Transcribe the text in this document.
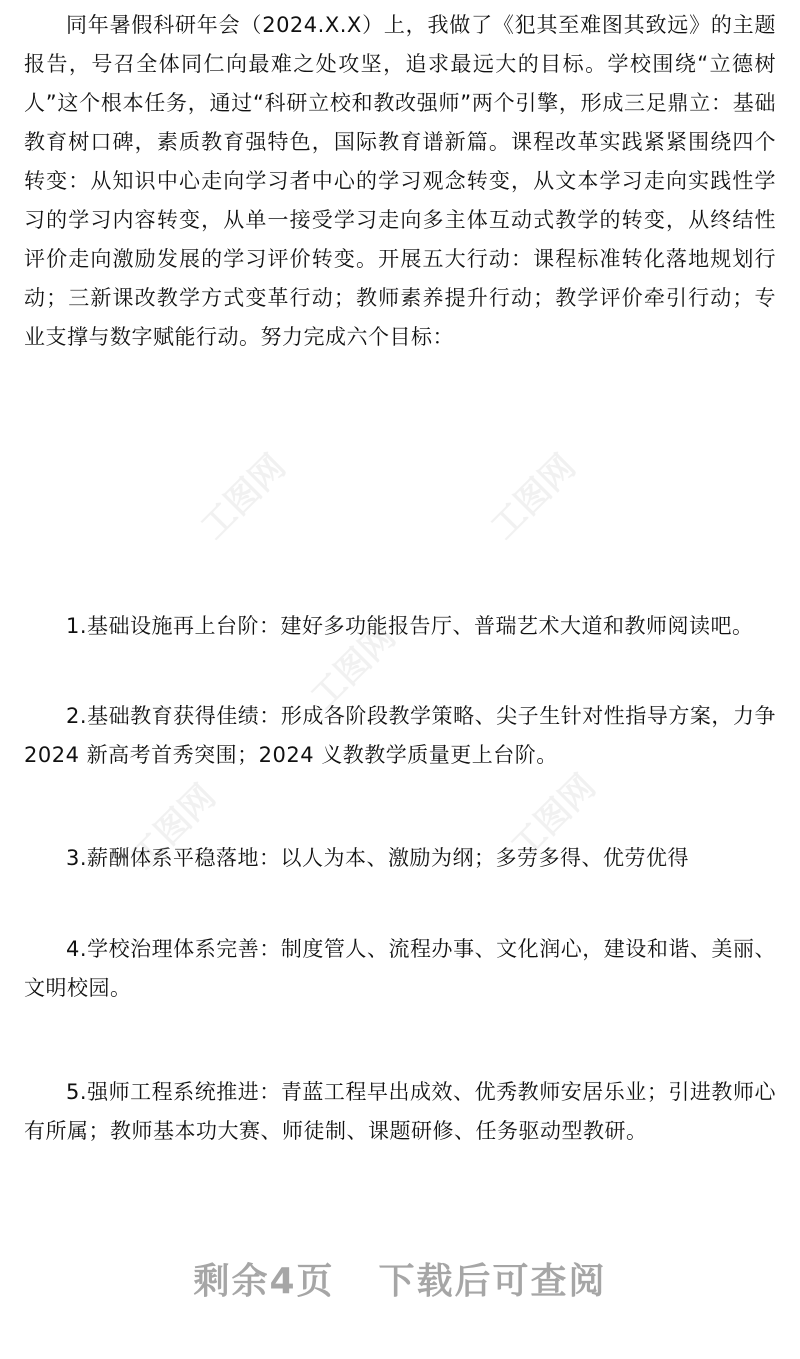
同年暑假科研年会（2024.X.X）上，我做了《犯其至难图其致远》的主题报告，号召全体同仁向最难之处攻坚，追求最远大的目标。学校围绕“立德树人”这个根本任务，通过“科研立校和教改强师”两个引擎，形成三足鼎立：基础教育树口碑，素质教育强特色，国际教育谱新篇。课程改革实践紧紧围绕四个转变：从知识中心走向学习者中心的学习观念转变，从文本学习走向实践性学习的学习内容转变，从单一接受学习走向多主体互动式教学的转变，从终结性评价走向激励发展的学习评价转变。开展五大行动：课程标准转化落地规划行动；三新课改教学方式变革行动；教师素养提升行动；教学评价牵引行动；专业支撑与数字赋能行动。努力完成六个目标：

1.基础设施再上台阶：建好多功能报告厅、普瑞艺术大道和教师阅读吧。

2.基础教育获得佳绩：形成各阶段教学策略、尖子生针对性指导方案，力争 2024 新高考首秀突围；2024 义教教学质量更上台阶。

3.薪酬体系平稳落地：以人为本、激励为纲；多劳多得、优劳优得

4.学校治理体系完善：制度管人、流程办事、文化润心，建设和谐、美丽、文明校园。

5.强师工程系统推进：青蓝工程早出成效、优秀教师安居乐业；引进教师心有所属；教师基本功大赛、师徒制、课题研修、任务驱动型教研。

工图网	工图网
工图网
工图网	工图网
剩余4页 下载后可查阅
